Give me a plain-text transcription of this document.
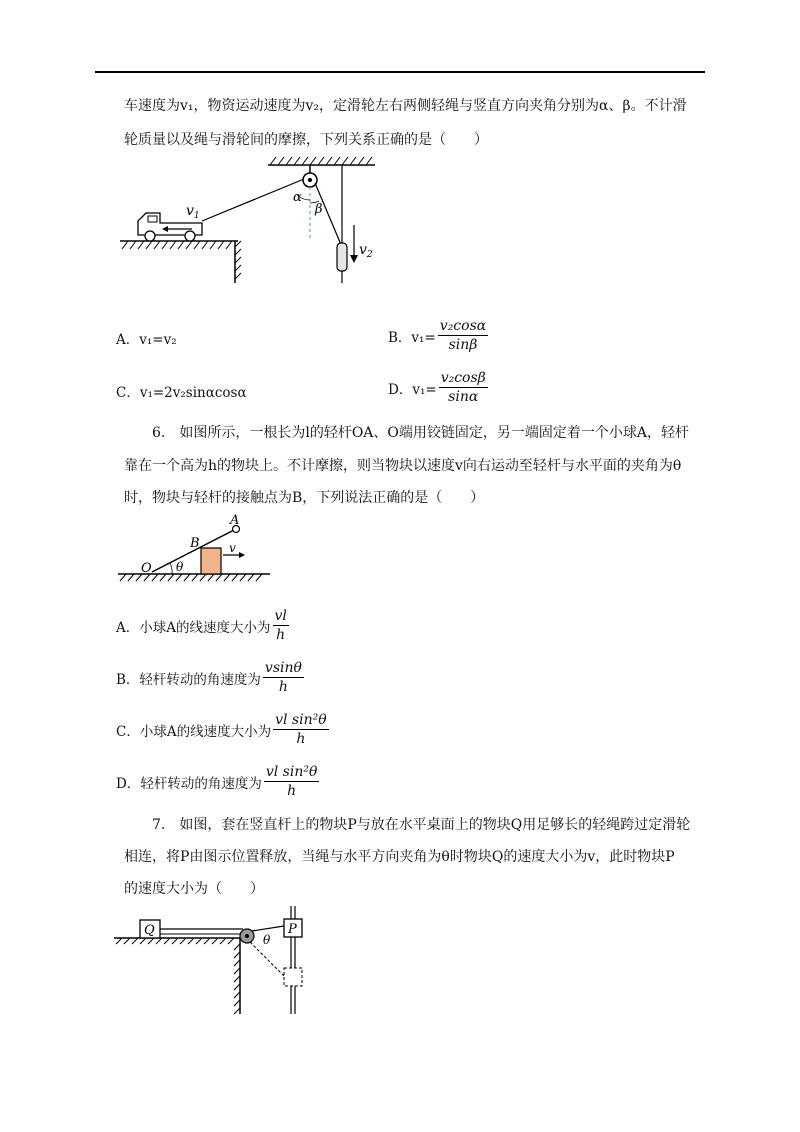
车速度为v₁，物资运动速度为v₂，定滑轮左右两侧轻绳与竖直方向夹角分别为α、β。不计滑
轮质量以及绳与滑轮间的摩擦，下列关系正确的是（　　）
α
β
$v_2$
$v_1$
A．v₁=v₂	B．$v_1= \frac{\text{v₂cosα}}{\sin\beta}$
C．v₁=2v₂sinαcosα	D．$v_1= \frac{\text{v₂cosβ}}{\sin\alpha}$
6.　如图所示，一根长为l的轻杆OA、O端用铰链固定，另一端固定着一个小球A，轻杆
靠在一个高为h的物块上。不计摩擦，则当物块以速度v向右运动至轻杆与水平面的夹角为θ
时，物块与轻杆的接触点为B，下列说法正确的是（　　）
O
A
B
θ
v
A．小球A的线速度大小为 $\frac{vl}{h}$
B．轻杆转动的角速度为 $\frac{vsin\theta}{h}$
C．小球A的线速度大小为 $\frac{\text{vl sin²θ}}{h}$
D．轻杆转动的角速度为 $\frac{\text{vl sin²θ}}{h}$
7.　如图，套在竖直杆上的物块P与放在水平桌面上的物块Q用足够长的轻绳跨过定滑轮
相连，将P由图示位置释放，当绳与水平方向夹角为θ时物块Q的速度大小为v，此时物块P
的速度大小为（　　）
Q	P
θ
